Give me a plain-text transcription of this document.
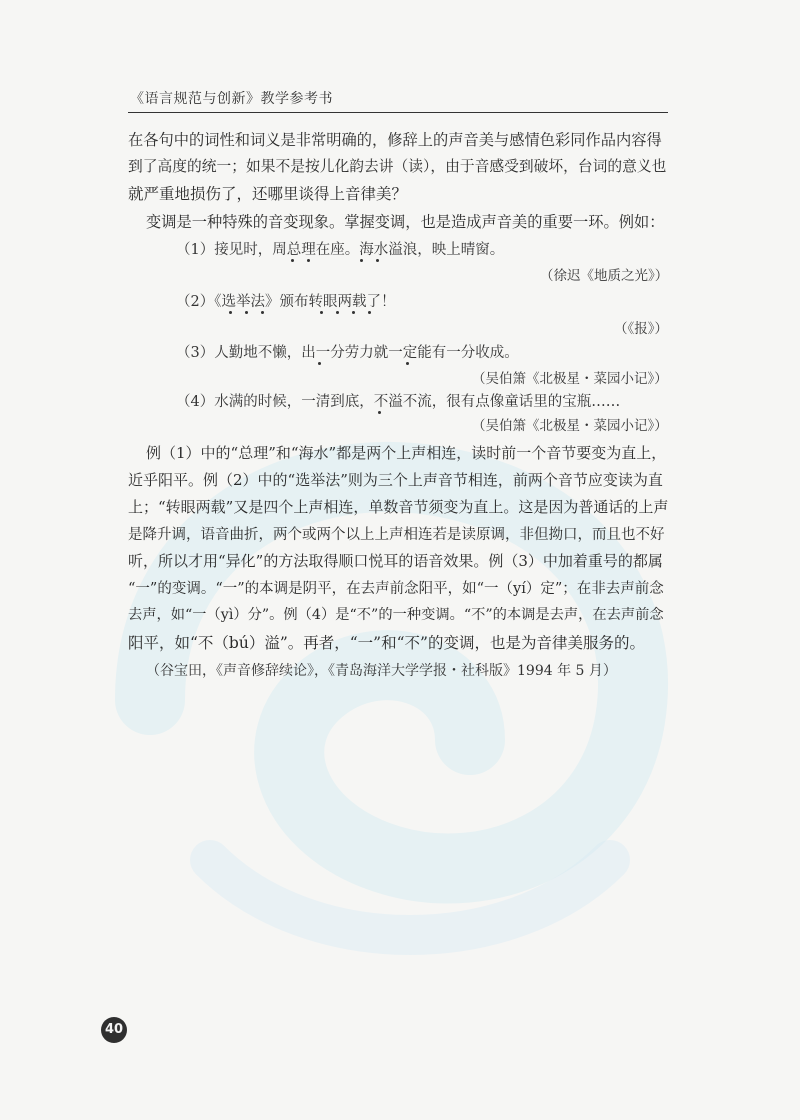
《语言规范与创新》教学参考书
在各句中的词性和词义是非常明确的，修辞上的声音美与感情色彩同作品内容得
到了高度的统一；如果不是按儿化韵去讲（读），由于音感受到破坏，台词的意义也
就严重地损伤了，还哪里谈得上音律美？
变调是一种特殊的音变现象。掌握变调，也是造成声音美的重要一环。例如：
（1）接见时，周总理在座。海水溢浪，映上晴窗。
（徐迟《地质之光》）
（2）《选举法》颁布转眼两载了！
（《报》）
（3）人勤地不懒，出一分劳力就一定能有一分收成。
（吴伯箫《北极星・菜园小记》）
（4）水满的时候，一清到底，不溢不流，很有点像童话里的宝瓶……
（吴伯箫《北极星・菜园小记》）
例（1）中的“总理”和“海水”都是两个上声相连，读时前一个音节要变为直上，
近乎阳平。例（2）中的“选举法”则为三个上声音节相连，前两个音节应变读为直
上；“转眼两载”又是四个上声相连，单数音节须变为直上。这是因为普通话的上声
是降升调，语音曲折，两个或两个以上上声相连若是读原调，非但拗口，而且也不好
听，所以才用“异化”的方法取得顺口悦耳的语音效果。例（3）中加着重号的都属
“一”的变调。“一”的本调是阴平，在去声前念阳平，如“一（yí）定”；在非去声前念
去声，如“一（yì）分”。例（4）是“不”的一种变调。“不”的本调是去声，在去声前念
阳平，如“不（bú）溢”。再者，“一”和“不”的变调，也是为音律美服务的。
（谷宝田，《声音修辞续论》，《青岛海洋大学学报・社科版》1994 年 5 月）
40
